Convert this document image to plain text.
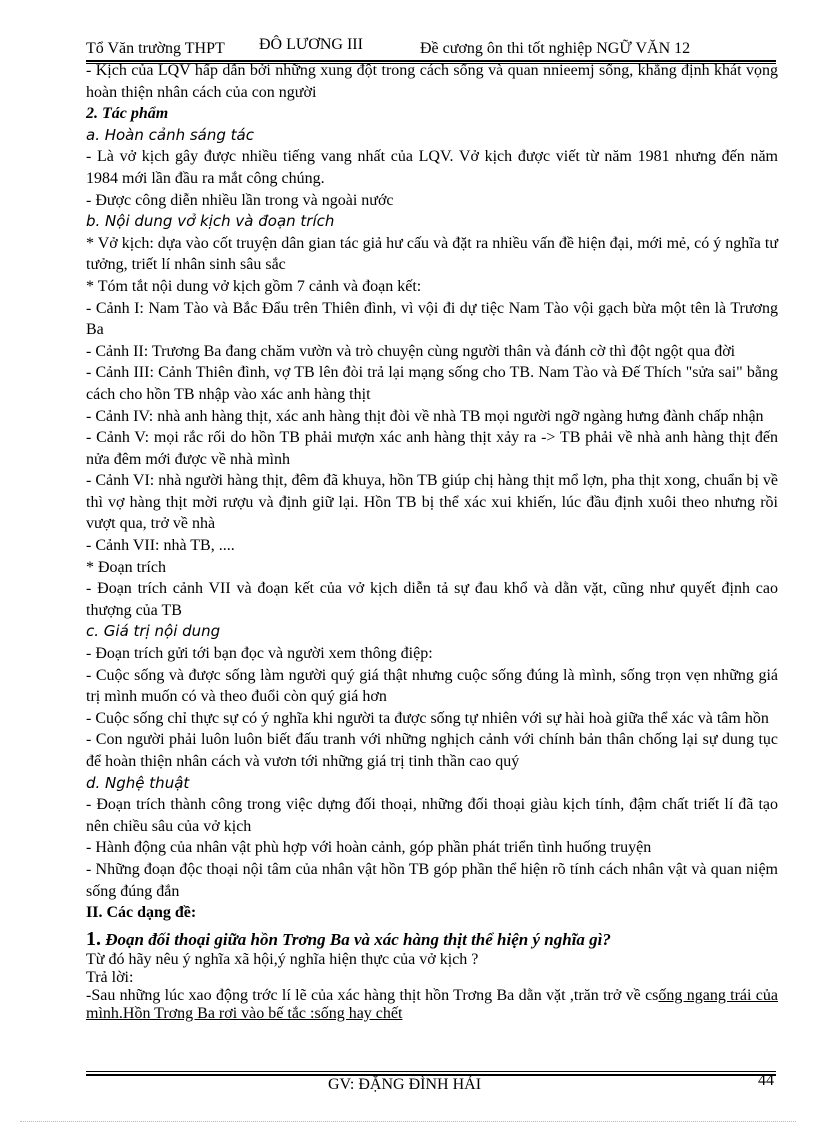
Tổ Văn trường THPT ĐÔ LƯƠNG III	Đề cương ôn thi tốt nghiệp NGỮ VĂN 12

- Kịch của LQV hấp dẫn bởi những xung đột trong cách sống và quan nnieemj sống, khẳng định khát vọng hoàn thiện nhân cách của con người

2. Tác phẩm

a. Hoàn cảnh sáng tác

- Là vở kịch gây được nhiều tiếng vang nhất của LQV. Vở kịch được viết từ năm 1981 nhưng đến năm 1984 mới lần đầu ra mắt công chúng.

- Được công diễn nhiều lần trong và ngoài nước

b. Nội dung vở kịch và đoạn trích

* Vở kịch: dựa vào cốt truyện dân gian tác giả hư cấu và đặt ra nhiều vấn đề hiện đại, mới mẻ, có ý nghĩa tư tưởng, triết lí nhân sinh sâu sắc

* Tóm tắt nội dung vở kịch gồm 7 cảnh và đoạn kết:

- Cảnh I: Nam Tào và Bắc Đẩu trên Thiên đình, vì vội đi dự tiệc Nam Tào vội gạch bừa một tên là Trương Ba

- Cảnh II: Trương Ba đang chăm vườn và trò chuyện cùng người thân và đánh cờ thì đột ngột qua đời

- Cảnh III: Cảnh Thiên đình, vợ TB lên đòi trả lại mạng sống cho TB. Nam Tào và Đế Thích "sửa sai" bằng cách cho hồn TB nhập vào xác anh hàng thịt

- Cảnh IV: nhà anh hàng thịt, xác anh hàng thịt đòi về nhà TB mọi người ngỡ ngàng hưng đành chấp nhận

- Cảnh V: mọi rắc rối do hồn TB phải mượn xác anh hàng thịt xảy ra -> TB phải về nhà anh hàng thịt đến nửa đêm mới được về nhà mình

- Cảnh VI: nhà người hàng thịt, đêm đã khuya, hồn TB giúp chị hàng thịt mổ lợn, pha thịt xong, chuẩn bị về thì vợ hàng thịt mời rượu và định giữ lại. Hồn TB bị thể xác xui khiến, lúc đầu định xuôi theo nhưng rồi vượt qua, trở về nhà

- Cảnh VII: nhà TB, ....

* Đoạn trích

- Đoạn trích cảnh VII và đoạn kết của vở kịch diễn tả sự đau khổ và dằn vặt, cũng như quyết định cao thượng của TB

c. Giá trị nội dung

- Đoạn trích gửi tới bạn đọc và người xem thông điệp:

- Cuộc sống và được sống làm người quý giá thật nhưng cuộc sống đúng là mình, sống trọn vẹn những giá trị mình muốn có và theo đuổi còn quý giá hơn

- Cuộc sống chỉ thực sự có ý nghĩa khi người ta được sống tự nhiên với sự hài hoà giữa thể xác và tâm hồn

- Con người phải luôn luôn biết đấu tranh với những nghịch cảnh với chính bản thân chống lại sự dung tục để hoàn thiện nhân cách và vươn tới những giá trị tinh thần cao quý

d. Nghệ thuật

- Đoạn trích thành công trong việc dựng đối thoại, những đối thoại giàu kịch tính, đậm chất triết lí đã tạo nên chiều sâu của vở kịch

- Hành động của nhân vật phù hợp với hoàn cảnh, góp phần phát triển tình huống truyện

- Những đoạn độc thoại nội tâm của nhân vật hồn TB góp phần thể hiện rõ tính cách nhân vật và quan niệm sống đúng đắn

II. Các dạng đề:

1. Đoạn đối thoại giữa hồn Trơng Ba và xác hàng thịt thể hiện ý nghĩa gì?

Từ đó hãy nêu ý nghĩa xã hội,ý nghĩa hiện thực của vở kịch ?

Trả lời:

-Sau những lúc xao động trớc lí lẽ của xác hàng thịt hồn Trơng Ba dằn vặt ,trăn trở về csống ngang trái của mình.Hồn Trơng Ba rơi vào bế tắc :sống hay chết

GV: ĐẶNG ĐÌNH HẢI	44
